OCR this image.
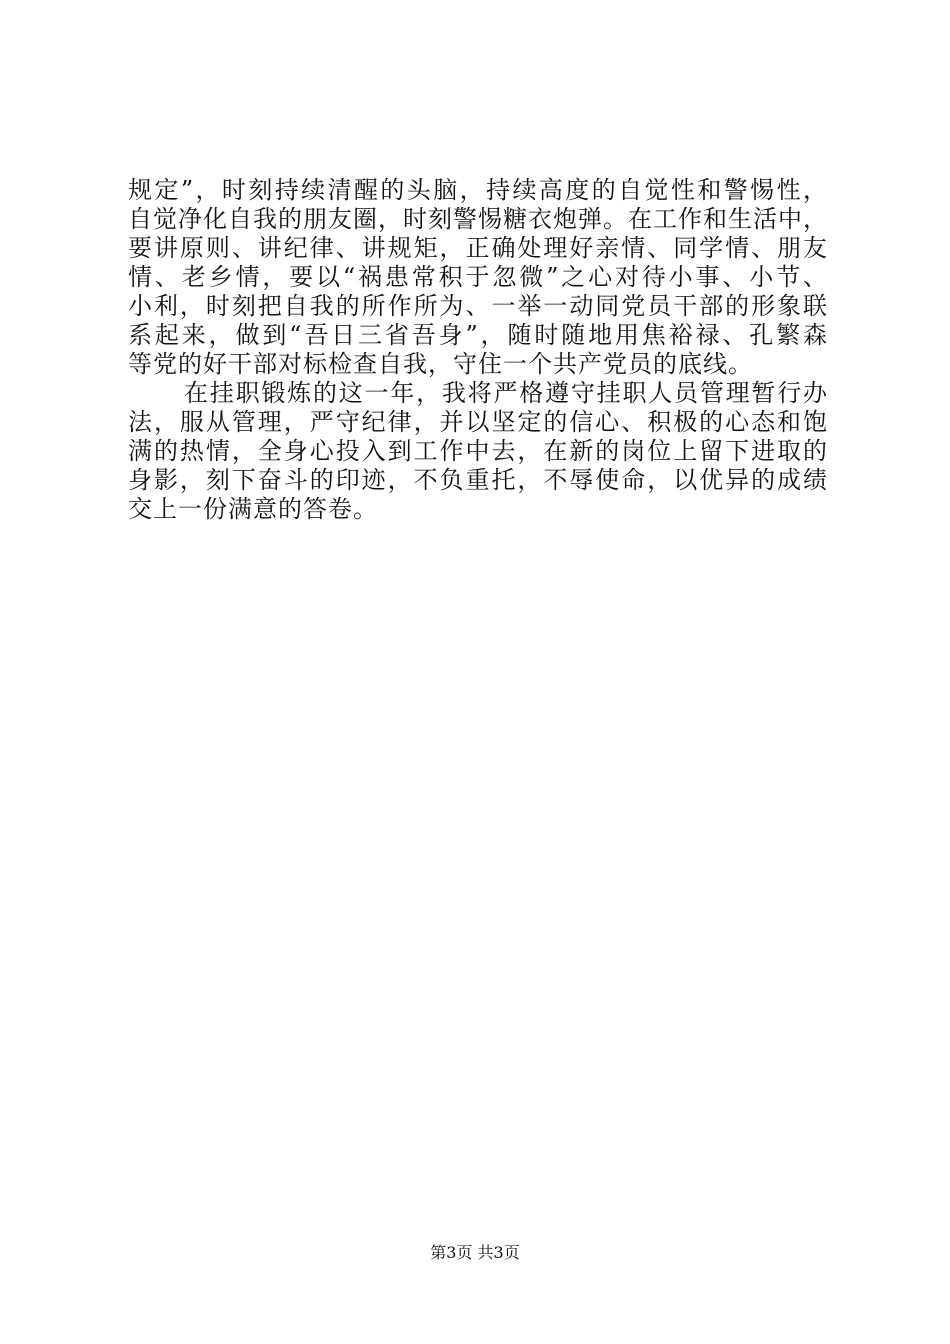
规定”，时刻持续清醒的头脑，持续高度的自觉性和警惕性，
自觉净化自我的朋友圈，时刻警惕糖衣炮弹。在工作和生活中，
要讲原则、讲纪律、讲规矩，正确处理好亲情、同学情、朋友
情、老乡情，要以“祸患常积于忽微”之心对待小事、小节、
小利，时刻把自我的所作所为、一举一动同党员干部的形象联
系起来，做到“吾日三省吾身”，随时随地用焦裕禄、孔繁森
等党的好干部对标检查自我，守住一个共产党员的底线。
在挂职锻炼的这一年，我将严格遵守挂职人员管理暂行办
法，服从管理，严守纪律，并以坚定的信心、积极的心态和饱
满的热情，全身心投入到工作中去，在新的岗位上留下进取的
身影，刻下奋斗的印迹，不负重托，不辱使命，以优异的成绩
交上一份满意的答卷。
第3页 共3页
